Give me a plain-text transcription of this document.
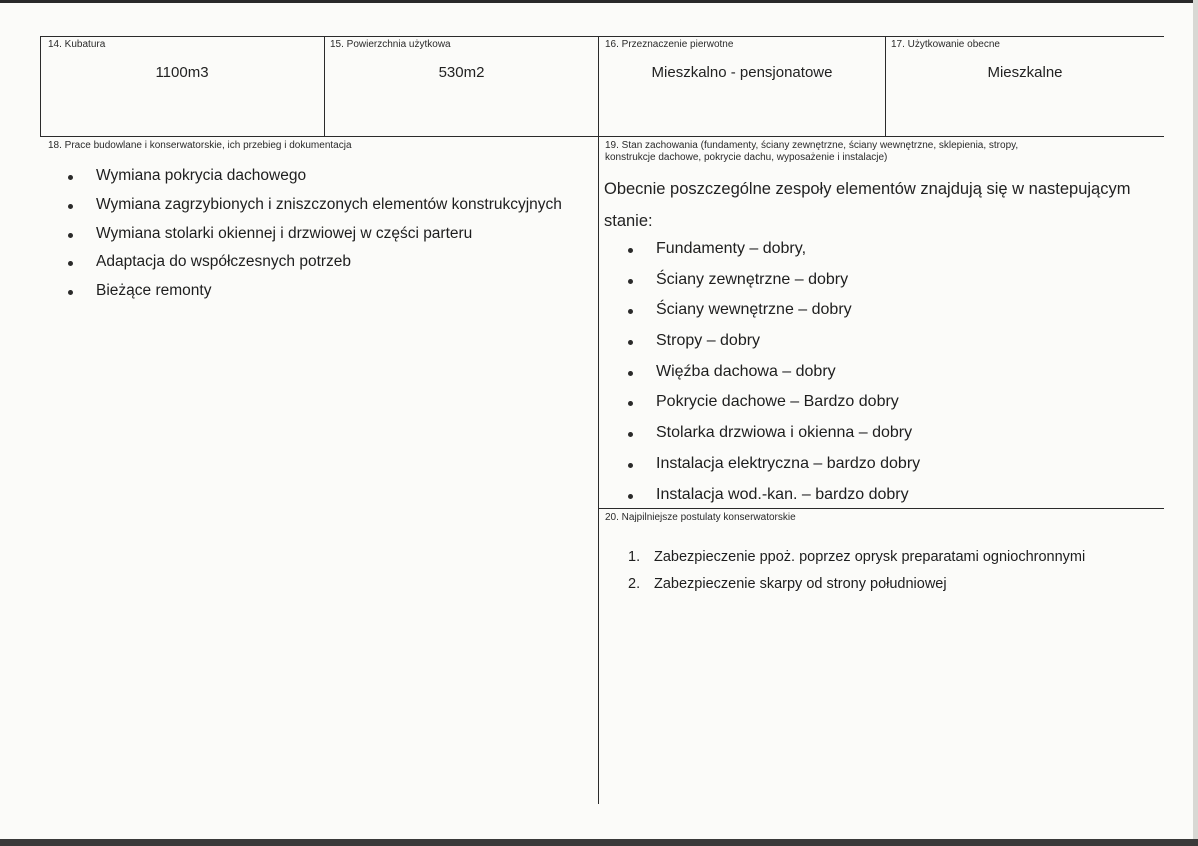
14. Kubatura
1100m3
15. Powierzchnia użytkowa
530m2
16. Przeznaczenie pierwotne
Mieszkalno - pensjonatowe
17. Użytkowanie obecne
Mieszkalne
18. Prace budowlane i konserwatorskie, ich przebieg i dokumentacja
Wymiana pokrycia dachowego
Wymiana zagrzybionych i zniszczonych elementów konstrukcyjnych
Wymiana stolarki okiennej i drzwiowej w części parteru
Adaptacja do współczesnych potrzeb
Bieżące remonty
19. Stan zachowania (fundamenty, ściany zewnętrzne, ściany wewnętrzne, sklepienia, stropy,
konstrukcje dachowe, pokrycie dachu, wyposażenie i instalacje)
Obecnie poszczególne zespoły elementów znajdują się w nastepującym stanie:
Fundamenty – dobry,
Ściany zewnętrzne – dobry
Ściany wewnętrzne – dobry
Stropy – dobry
Więźba dachowa – dobry
Pokrycie dachowe – Bardzo dobry
Stolarka drzwiowa i okienna – dobry
Instalacja elektryczna – bardzo dobry
Instalacja wod.-kan. – bardzo dobry
20. Najpilniejsze postulaty konserwatorskie
1. Zabezpieczenie ppoż. poprzez oprysk preparatami ogniochronnymi
2. Zabezpieczenie skarpy od strony południowej
